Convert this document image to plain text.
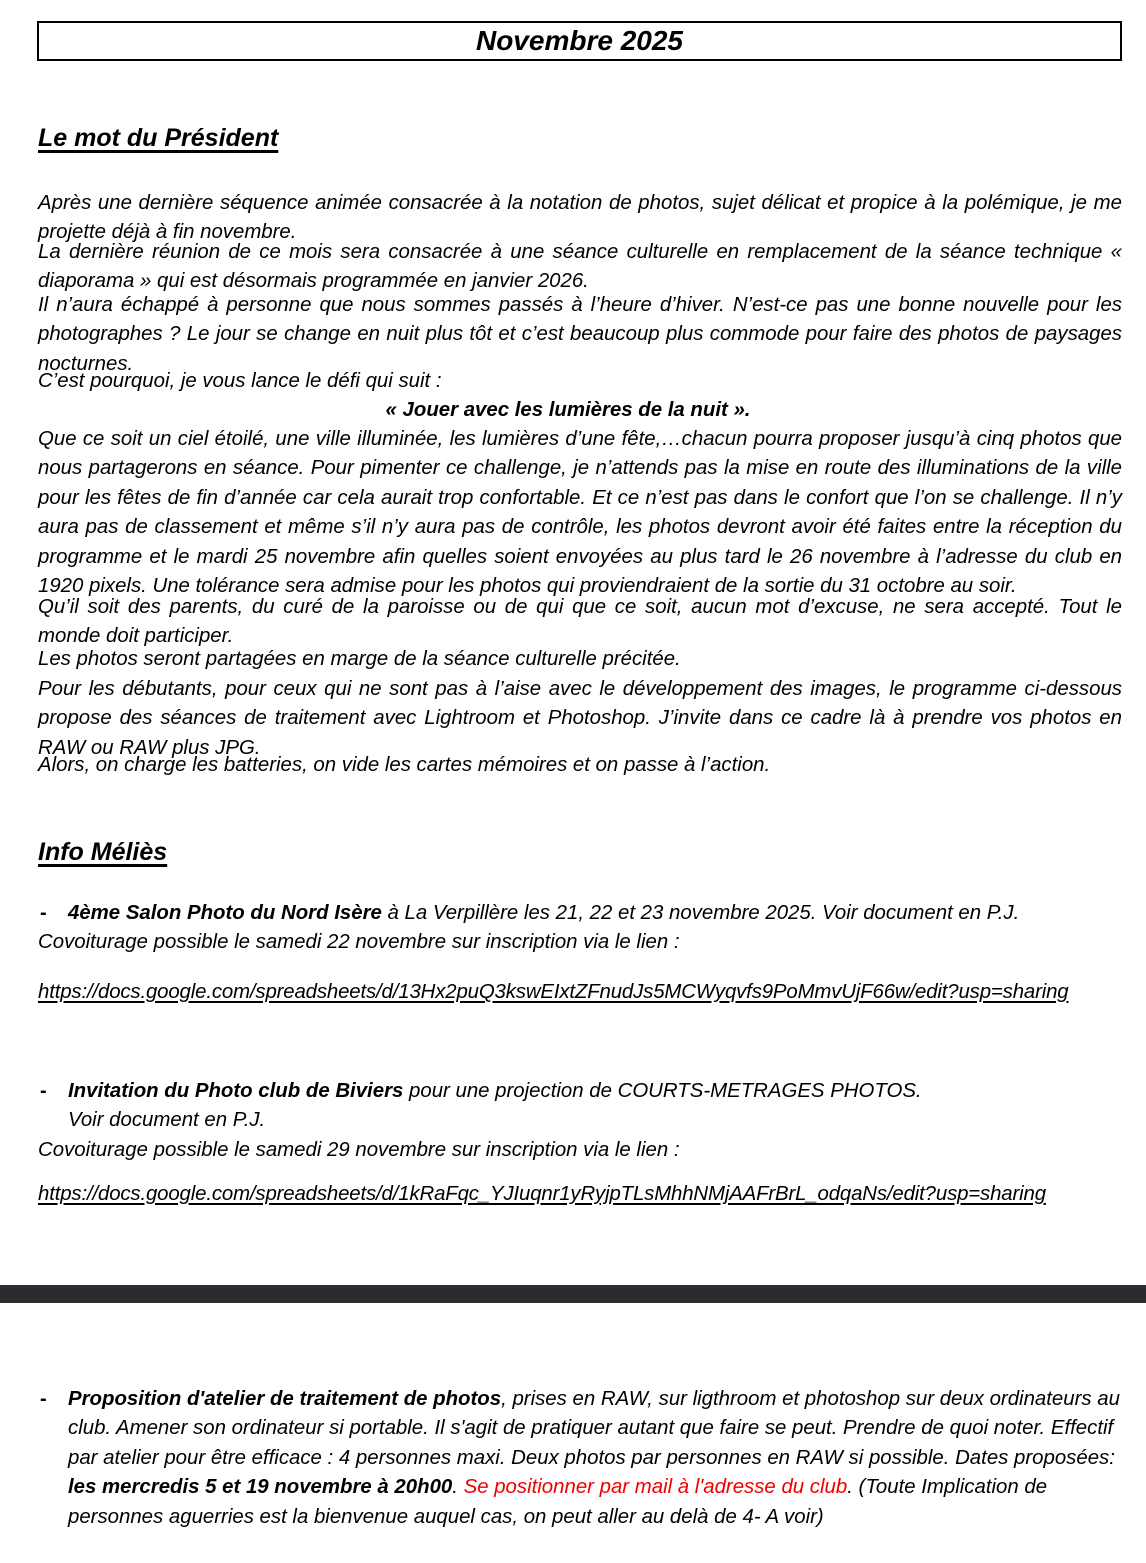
Novembre 2025
Le mot du Président
Après une dernière séquence animée consacrée à la notation de photos, sujet délicat et propice à la polémique, je me projette déjà à fin novembre.
La dernière réunion de ce mois sera consacrée à une séance culturelle en remplacement de la séance technique « diaporama » qui est désormais programmée en janvier 2026.
Il n’aura échappé à personne que nous sommes passés à l’heure d’hiver. N’est-ce pas une bonne nouvelle pour les photographes ? Le jour se change en nuit plus tôt et c’est beaucoup plus commode pour faire des photos de paysages nocturnes.
C’est pourquoi, je vous lance le défi qui suit :
« Jouer avec les lumières de la nuit ».
Que ce soit un ciel étoilé, une ville illuminée, les lumières d’une fête,…chacun pourra proposer jusqu’à cinq photos que nous partagerons en séance. Pour pimenter ce challenge, je n’attends pas la mise en route des illuminations de la ville pour les fêtes de fin d’année car cela aurait trop confortable. Et ce n’est pas dans le confort que l’on se challenge. Il n’y aura pas de classement et même s’il n’y aura pas de contrôle, les photos devront avoir été faites entre la réception du programme et le mardi 25 novembre afin quelles soient envoyées au plus tard le 26 novembre à l’adresse du club en 1920 pixels. Une tolérance sera admise pour les photos qui proviendraient de la sortie du 31 octobre au soir.
Qu’il soit des parents, du curé de la paroisse ou de qui que ce soit, aucun mot d’excuse, ne sera accepté. Tout le monde doit participer.
Les photos seront partagées en marge de la séance culturelle précitée.
Pour les débutants, pour ceux qui ne sont pas à l’aise avec le développement des images, le programme ci-dessous propose des séances de traitement avec Lightroom et Photoshop. J’invite dans ce cadre là à prendre vos photos en RAW ou RAW plus JPG.
Alors, on charge les batteries, on vide les cartes mémoires et on passe à l’action.
Info Méliès
- 4ème Salon Photo du Nord Isère à La Verpillère les 21, 22 et 23 novembre 2025. Voir document en P.J.
Covoiturage possible le samedi 22 novembre sur inscription via le lien :
https://docs.google.com/spreadsheets/d/13Hx2puQ3kswEIxtZFnudJs5MCWyqvfs9PoMmvUjF66w/edit?usp=sharing
- Invitation du Photo club de Biviers pour une projection de COURTS-METRAGES PHOTOS.
Voir document en P.J.
Covoiturage possible le samedi 29 novembre sur inscription via le lien :
https://docs.google.com/spreadsheets/d/1kRaFqc_YJIuqnr1yRyjpTLsMhhNMjAAFrBrL_odqaNs/edit?usp=sharing
- Proposition d'atelier de traitement de photos, prises en RAW, sur ligthroom et photoshop sur deux ordinateurs au club. Amener son ordinateur si portable. Il s'agit de pratiquer autant que faire se peut. Prendre de quoi noter. Effectif par atelier pour être efficace : 4 personnes maxi. Deux photos par personnes en RAW si possible. Dates proposées: les mercredis 5 et 19 novembre à 20h00. Se positionner par mail à l'adresse du club. (Toute Implication de personnes aguerries est la bienvenue auquel cas, on peut aller au delà de 4- A voir)
